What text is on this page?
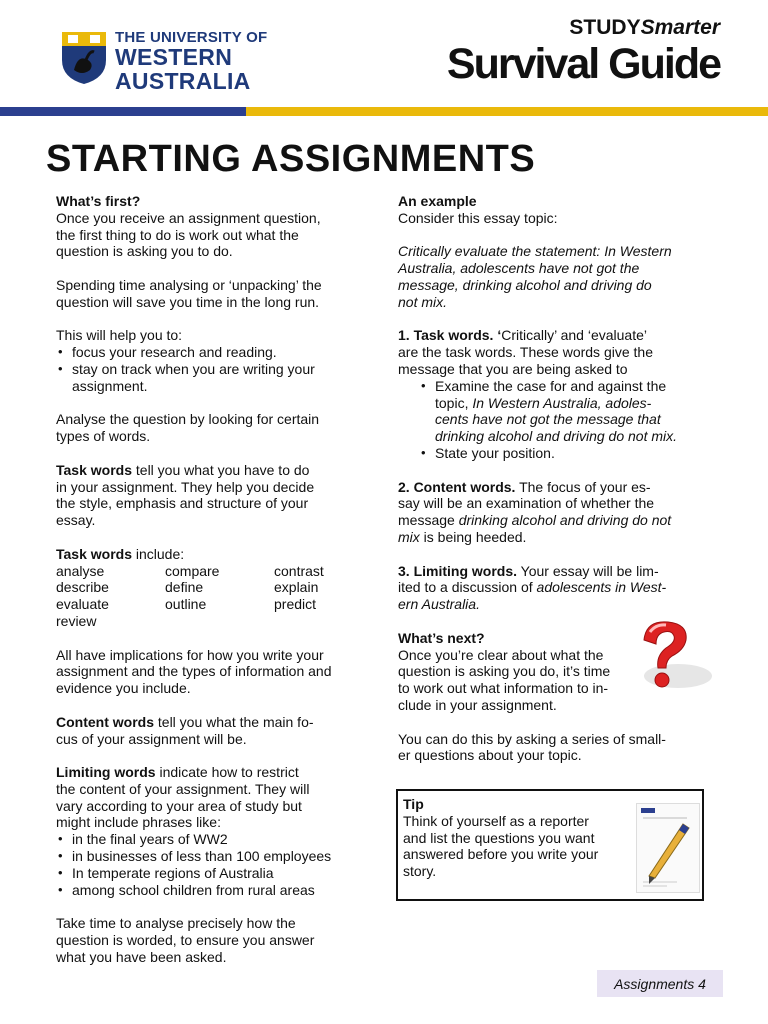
THE UNIVERSITY OF
WESTERN
AUSTRALIA
STUDYSmarter
Survival Guide
STARTING ASSIGNMENTS

What’s first?

Once you receive an assignment question,

the first thing to do is work out what the

question is asking you to do.

Spending time analysing or ‘unpacking’ the

question will save you time in the long run.

This will help you to:

• focus your research and reading.
• stay on track when you are writing your
assignment.

Analyse the question by looking for certain

types of words.

Task words tell you what you have to do

in your assignment. They help you decide

the style, emphasis and structure of your

essay.

Task words include:

analyse	compare	contrast
describe	define	explain
evaluate	outline	predict
review

All have implications for how you write your

assignment and the types of information and

evidence you include.

Content words tell you what the main fo-

cus of your assignment will be.

Limiting words indicate how to restrict

the content of your assignment. They will

vary according to your area of study but

might include phrases like:

• in the final years of WW2
• in businesses of less than 100 employees
• In temperate regions of Australia
• among school children from rural areas

Take time to analyse precisely how the

question is worded, to ensure you answer

what you have been asked.

An example

Consider this essay topic:

Critically evaluate the statement: In Western

Australia, adolescents have not got the

message, drinking alcohol and driving do

not mix.

1. Task words. ‘Critically’ and ‘evaluate’

are the task words. These words give the

message that you are being asked to

• Examine the case for and against the
topic, In Western Australia, adoles-
cents have not got the message that
drinking alcohol and driving do not mix.
• State your position.

2. Content words. The focus of your es-

say will be an examination of whether the

message drinking alcohol and driving do not

mix is being heeded.

3. Limiting words. Your essay will be lim-

ited to a discussion of adolescents in West-

ern Australia.

What’s next?

Once you’re clear about what the

question is asking you do, it’s time

to work out what information to in-

clude in your assignment.

You can do this by asking a series of small-

er questions about your topic.

Tip

Think of yourself as a reporter

and list the questions you want

answered before you write your

story.

Assignments 4
